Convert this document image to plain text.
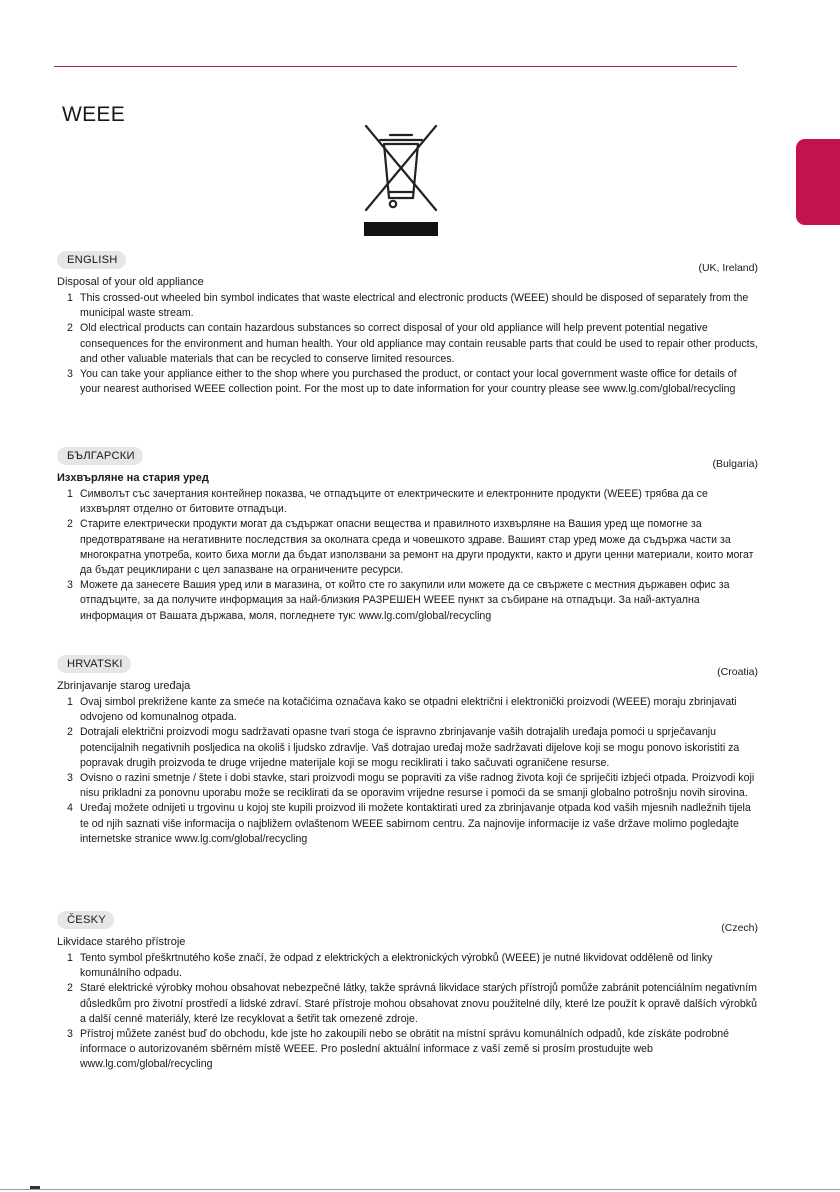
WEEE
ENGLISH
(UK, Ireland)
Disposal of your old appliance
1 This crossed-out wheeled bin symbol indicates that waste electrical and electronic products (WEEE) should be disposed of separately from the municipal waste stream.
2 Old electrical products can contain hazardous substances so correct disposal of your old appliance will help prevent potential negative consequences for the environment and human health. Your old appliance may contain reusable parts that could be used to repair other products, and other valuable materials that can be recycled to conserve limited resources.
3 You can take your appliance either to the shop where you purchased the product, or contact your local government waste office for details of your nearest authorised WEEE collection point. For the most up to date information for your country please see www.lg.com/global/recycling
БЪЛГАРСКИ
(Bulgaria)
Изхвърляне на стария уред
1 Символът със зачертания контейнер показва, че отпадъците от електрическите и електронните продукти (WEEE) трябва да се изхвърлят отделно от битовите отпадъци.
2 Старите електрически продукти могат да съдържат опасни вещества и правилното изхвърляне на Вашия уред ще помогне за предотвратяване на негативните последствия за околната среда и човешкото здраве. Вашият стар уред може да съдържа части за многократна употреба, които биха могли да бъдат използвани за ремонт на други продукти, както и други ценни материали, които могат да бъдат рециклирани с цел запазване на ограничените ресурси.
3 Можете да занесете Вашия уред или в магазина, от който сте го закупили или можете да се свържете с местния държавен офис за отпадъците, за да получите информация за най-близкия РАЗРЕШЕН WEEE пункт за събиране на отпадъци. За най-актуална информация от Вашата държава, моля, погледнете тук: www.lg.com/global/recycling
HRVATSKI
(Croatia)
Zbrinjavanje starog uređaja
1 Ovaj simbol prekrižene kante za smeće na kotačićima označava kako se otpadni električni i elektronički proizvodi (WEEE) moraju zbrinjavati odvojeno od komunalnog otpada.
2 Dotrajali električni proizvodi mogu sadržavati opasne tvari stoga će ispravno zbrinjavanje vaših dotrajalih uređaja pomoći u sprječavanju potencijalnih negativnih posljedica na okoliš i ljudsko zdravlje. Vaš dotrajao uređaj može sadržavati dijelove koji se mogu ponovo iskoristiti za popravak drugih proizvoda te druge vrijedne materijale koji se mogu reciklirati i tako sačuvati ograničene resurse.
3 Ovisno o razini smetnje / štete i dobi stavke, stari proizvodi mogu se popraviti za više radnog života koji će spriječiti izbjeći otpada. Proizvodi koji nisu prikladni za ponovnu uporabu može se reciklirati da se oporavim vrijedne resurse i pomoći da se smanji globalno potrošnju novih sirovina.
4 Uređaj možete odnijeti u trgovinu u kojoj ste kupili proizvod ili možete kontaktirati ured za zbrinjavanje otpada kod vaših mjesnih nadležnih tijela te od njih saznati više informacija o najbližem ovlaštenom WEEE sabirnom centru. Za najnovije informacije iz vaše države molimo pogledajte internetske stranice www.lg.com/global/recycling
ČESKY
(Czech)
Likvidace starého přístroje
1 Tento symbol přeškrtnutého koše značí, že odpad z elektrických a elektronických výrobků (WEEE) je nutné likvidovat odděleně od linky komunálního odpadu.
2 Staré elektrické výrobky mohou obsahovat nebezpečné látky, takže správná likvidace starých přístrojů pomůže zabránit potenciálním negativním důsledkům pro životní prostředí a lidské zdraví. Staré přístroje mohou obsahovat znovu použitelné díly, které lze použít k opravě dalších výrobků a další cenné materiály, které lze recyklovat a šetřit tak omezené zdroje.
3 Přístroj můžete zanést buď do obchodu, kde jste ho zakoupili nebo se obrátit na místní správu komunálních odpadů, kde získáte podrobné informace o autorizovaném sběrném místě WEEE. Pro poslední aktuální informace z vaší země si prosím prostudujte web www.lg.com/global/recycling
